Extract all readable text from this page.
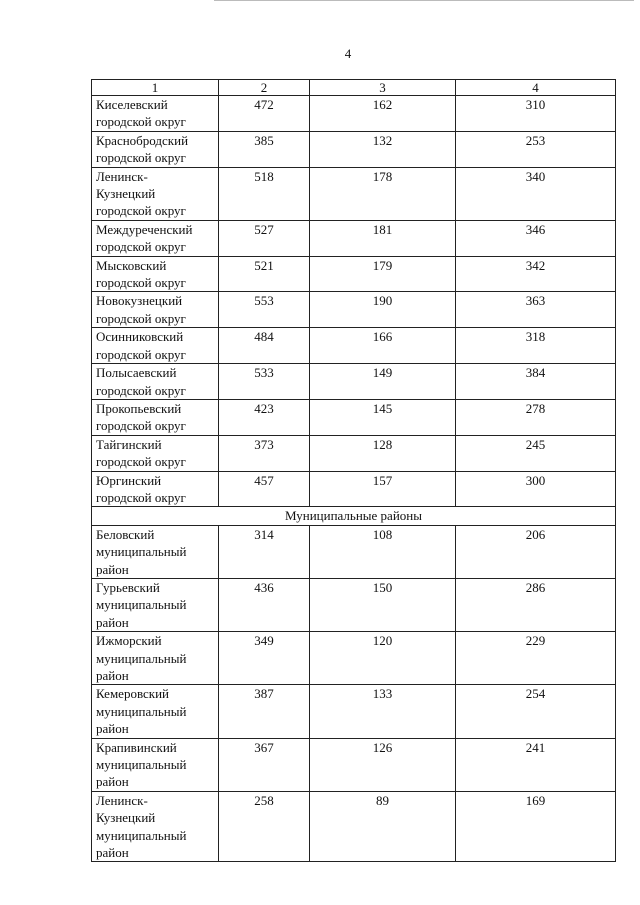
4
1	2	3	4

Киселевский
городской округ	472	162	310

Краснобродский
городской округ	385	132	253

Ленинск-
Кузнецкий
городской округ	518	178	340

Междуреченский
городской округ	527	181	346

Мысковский
городской округ	521	179	342

Новокузнецкий
городской округ	553	190	363

Осинниковский
городской округ	484	166	318

Полысаевский
городской округ	533	149	384

Прокопьевский
городской округ	423	145	278

Тайгинский
городской округ	373	128	245

Юргинский
городской округ	457	157	300
Муниципальные районы			

Беловский
муниципальный
район	314	108	206

Гурьевский
муниципальный
район	436	150	286

Ижморский
муниципальный
район	349	120	229

Кемеровский
муниципальный
район	387	133	254

Крапивинский
муниципальный
район	367	126	241

Ленинск-
Кузнецкий
муниципальный
район	258	89	169
